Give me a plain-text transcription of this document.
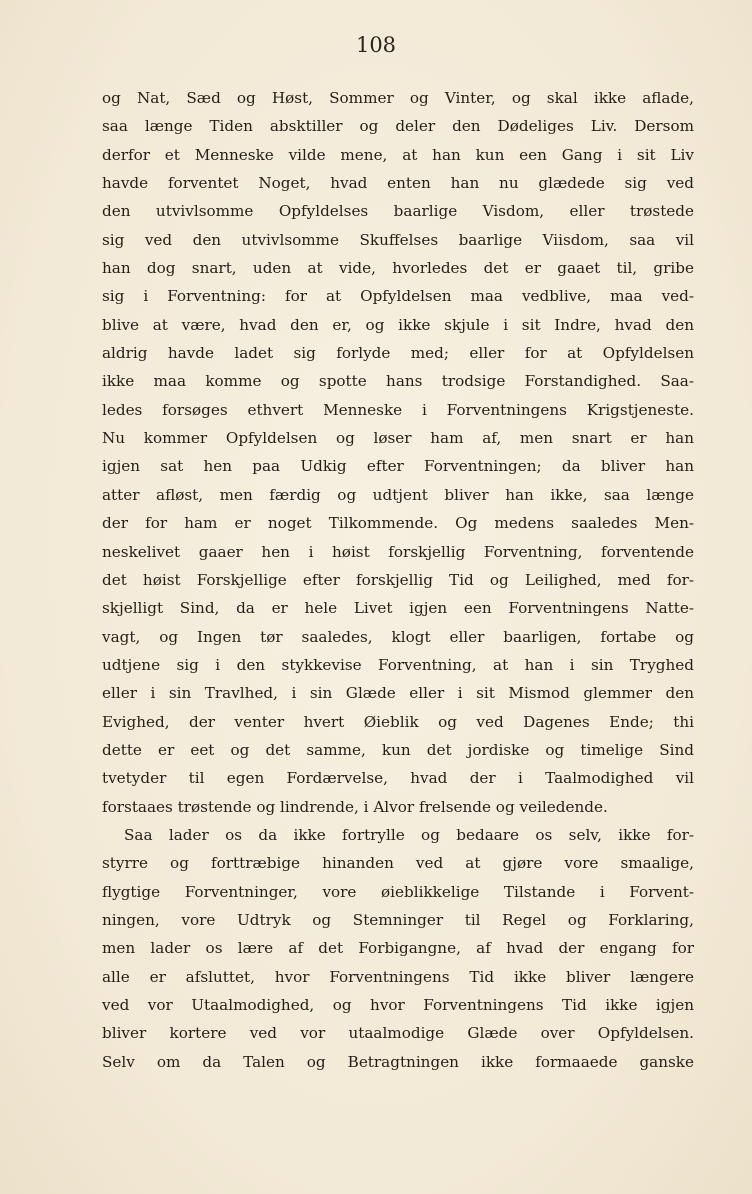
108
og Nat, Sæd og Høst, Sommer og Vinter, og skal ikke aflade,
saa længe Tiden absktiller og deler den Dødeliges Liv. Dersom
derfor et Menneske vilde mene, at han kun een Gang i sit Liv
havde forventet Noget, hvad enten han nu glædede sig ved
den utvivlsomme Opfyldelses baarlige Visdom, eller trøstede
sig ved den utvivlsomme Skuffelses baarlige Viisdom, saa vil
han dog snart, uden at vide, hvorledes det er gaaet til, gribe
sig i Forventning: for at Opfyldelsen maa vedblive, maa ved-
blive at være, hvad den er, og ikke skjule i sit Indre, hvad den
aldrig havde ladet sig forlyde med; eller for at Opfyldelsen
ikke maa komme og spotte hans trodsige Forstandighed. Saa-
ledes forsøges ethvert Menneske i Forventningens Krigstjeneste.
Nu kommer Opfyldelsen og løser ham af, men snart er han
igjen sat hen paa Udkig efter Forventningen; da bliver han
atter afløst, men færdig og udtjent bliver han ikke, saa længe
der for ham er noget Tilkommende. Og medens saaledes Men-
neskelivet gaaer hen i høist forskjellig Forventning, forventende
det høist Forskjellige efter forskjellig Tid og Leilighed, med for-
skjelligt Sind, da er hele Livet igjen een Forventningens Natte-
vagt, og Ingen tør saaledes, klogt eller baarligen, fortabe og
udtjene sig i den stykkevise Forventning, at han i sin Tryghed
eller i sin Travlhed, i sin Glæde eller i sit Mismod glemmer den
Evighed, der venter hvert Øieblik og ved Dagenes Ende; thi
dette er eet og det samme, kun det jordiske og timelige Sind
tvetyder til egen Fordærvelse, hvad der i Taalmodighed vil
forstaaes trøstende og lindrende, i Alvor frelsende og veiledende.
Saa lader os da ikke fortrylle og bedaare os selv, ikke for-
styrre og forttræbige hinanden ved at gjøre vore smaalige,
flygtige Forventninger, vore øieblikkelige Tilstande i Forvent-
ningen, vore Udtryk og Stemninger til Regel og Forklaring,
men lader os lære af det Forbigangne, af hvad der engang for
alle er afsluttet, hvor Forventningens Tid ikke bliver længere
ved vor Utaalmodighed, og hvor Forventningens Tid ikke igjen
bliver kortere ved vor utaalmodige Glæde over Opfyldelsen.
Selv om da Talen og Betragtningen ikke formaaede ganske
